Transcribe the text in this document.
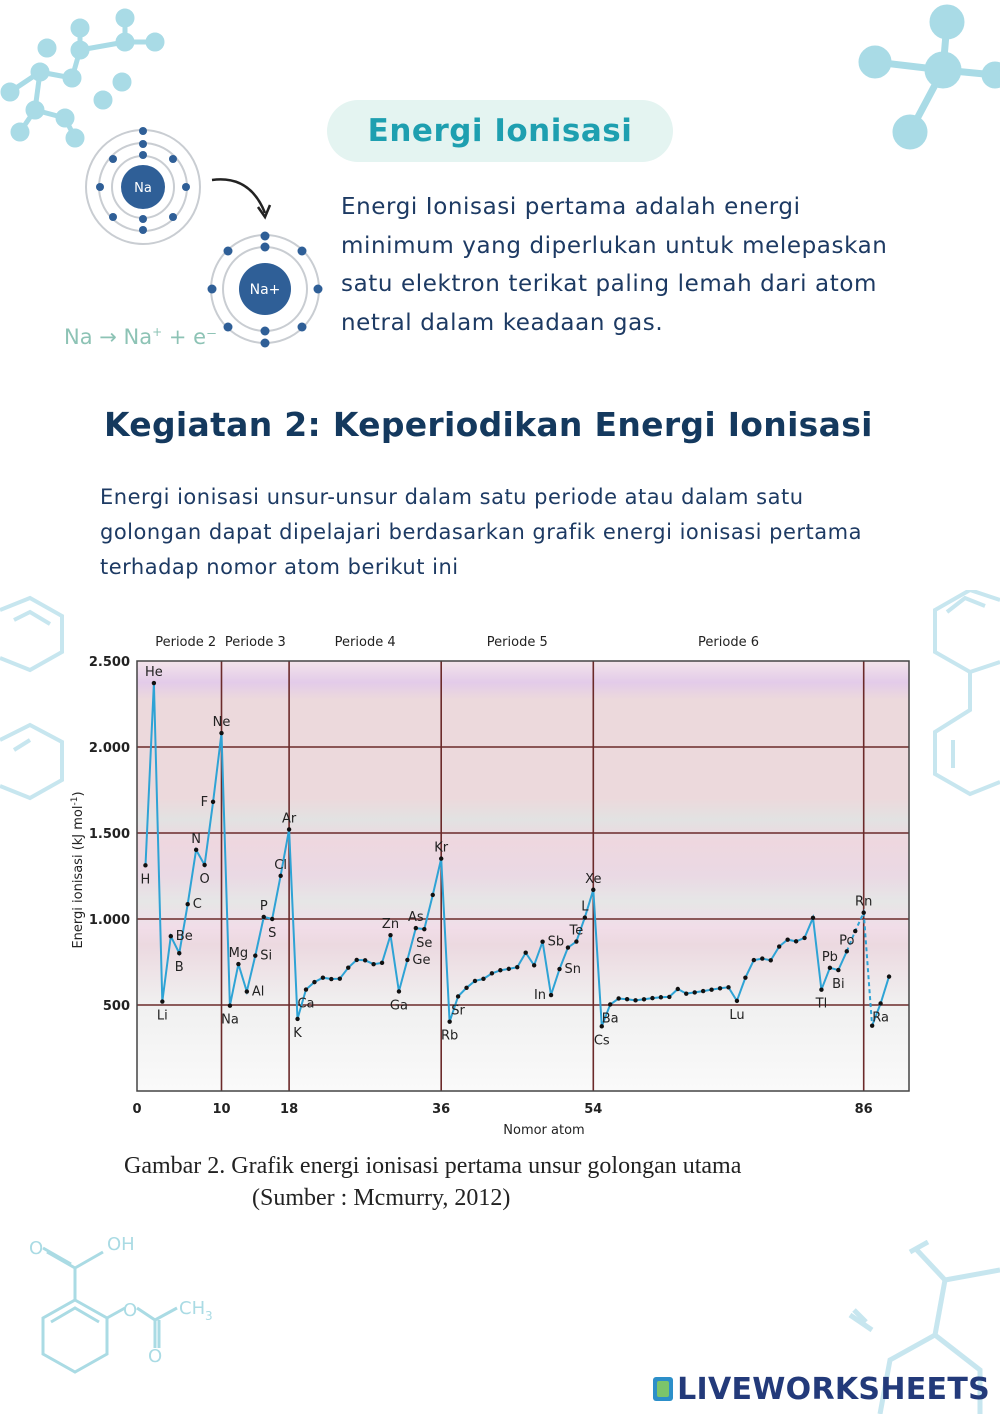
O	OH
O
O
CH 3
Energi Ionisasi
Na
Na+
Na → Na+ + e⁻
Energi Ionisasi pertama adalah energi minimum yang diperlukan untuk melepaskan satu elektron terikat paling lemah dari atom netral dalam keadaan gas.
Kegiatan 2: Keperiodikan Energi Ionisasi
Energi ionisasi unsur-unsur dalam satu periode atau dalam satu golongan dapat dipelajari berdasarkan grafik energi ionisasi pertama terhadap nomor atom berikut ini
Periode 2 Periode 3	Periode 4	Periode 5	Periode 6
H
He
Li
Be
B
C
N
O
F
Ne
Na
Mg
Al
Si
P
S
Cl
Ar
K
Ca
Zn
Ga
Ge
As
Se
Kr
Rb
Sr
Sb
In
Sn
Te
L
Xe
Cs
Ba	Lu
Tl
Pb
Bi
Po
Rn
Ra
0	10	18	36	54	86
500
1.000
1.500
2.000
2.500
Nomor atom
Energi ionisasi (kJ mol$^{-1}$)
Gambar 2. Grafik energi ionisasi pertama unsur golongan utama
(Sumber : Mcmurry, 2012)
LIVEWORKSHEETS
